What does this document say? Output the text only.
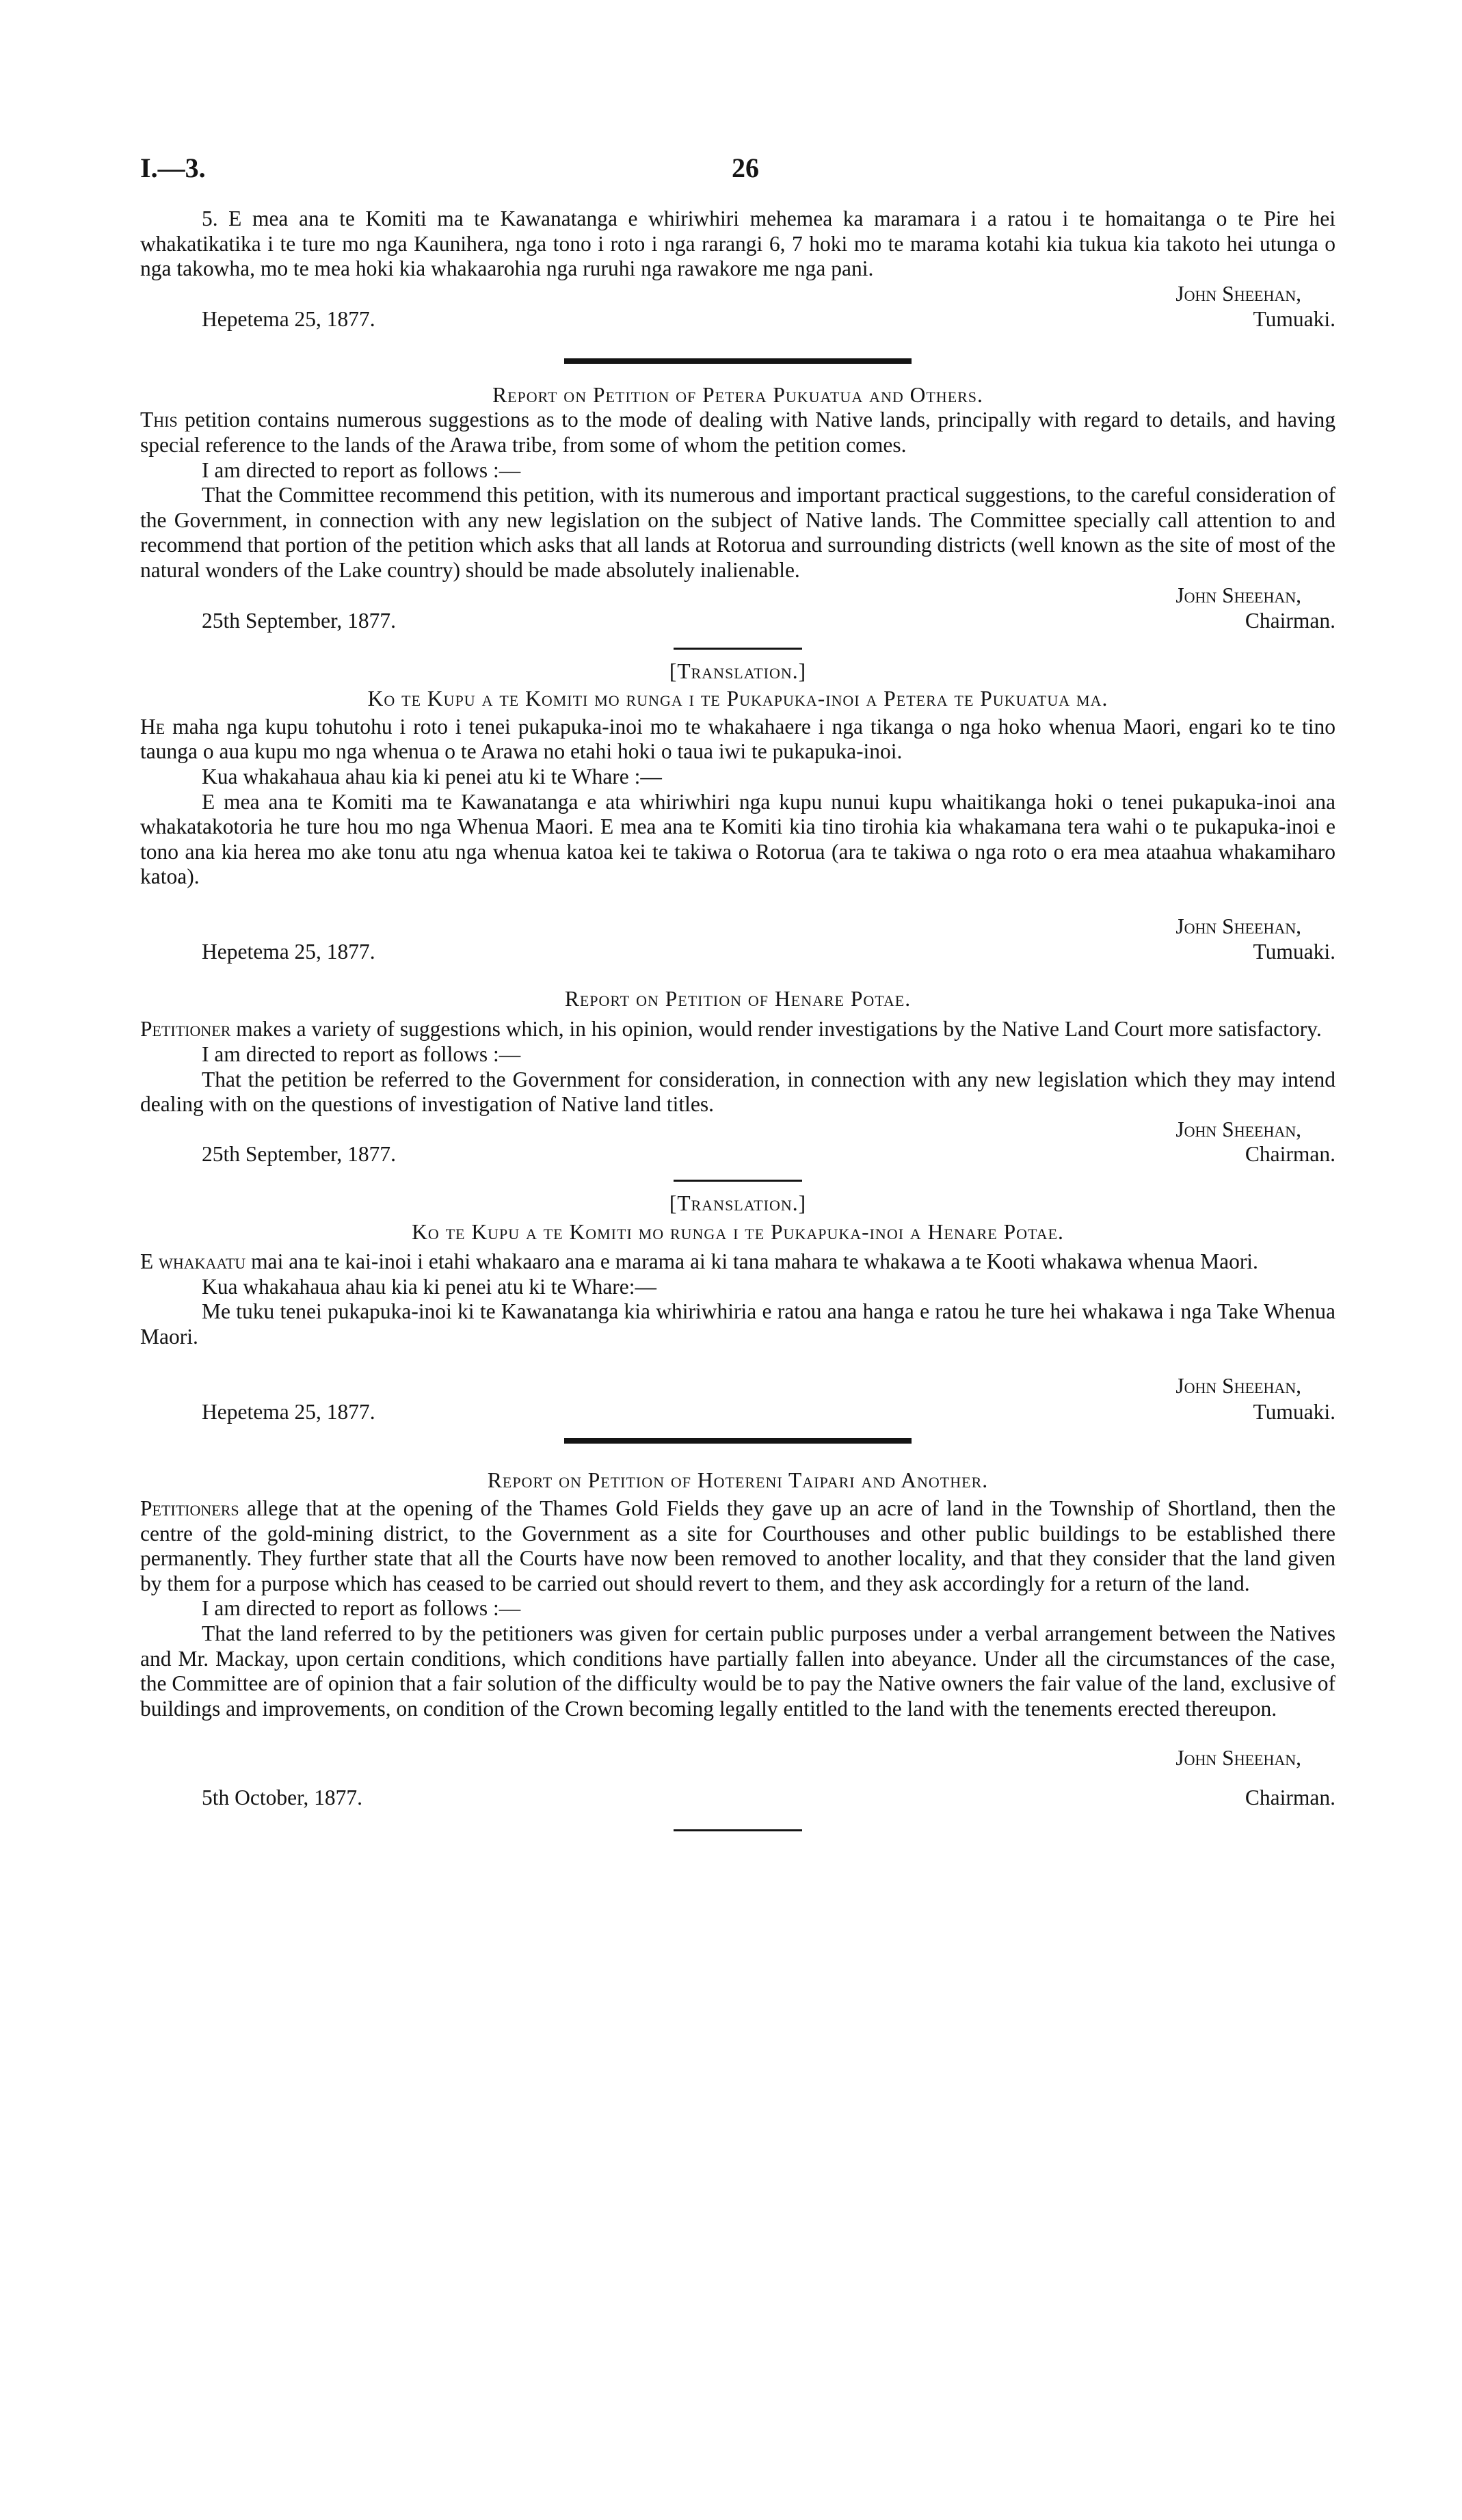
I.—3.	26

5. E mea ana te Komiti ma te Kawanatanga e whiriwhiri mehemea ka maramara i a ratou i te homaitanga o te Pire hei whakatikatika i te ture mo nga Kaunihera, nga tono i roto i nga rarangi 6, 7 hoki mo te marama kotahi kia tukua kia takoto hei utunga o nga takowha, mo te mea hoki kia whakaarohia nga ruruhi nga rawakore me nga pani.

John Sheehan,
Hepetema 25, 1877.	Tumuaki.
Report on Petition of Petera Pukuatua and Others.

This petition contains numerous suggestions as to the mode of dealing with Native lands, principally with regard to details, and having special reference to the lands of the Arawa tribe, from some of whom the petition comes.

I am directed to report as follows :—

That the Committee recommend this petition, with its numerous and important practical suggestions, to the careful consideration of the Government, in connection with any new legislation on the subject of Native lands. The Committee specially call attention to and recommend that portion of the petition which asks that all lands at Rotorua and surrounding districts (well known as the site of most of the natural wonders of the Lake country) should be made absolutely inalienable.

John Sheehan,
25th September, 1877.	Chairman.
[Translation.]
Ko te Kupu a te Komiti mo runga i te Pukapuka-inoi a Petera te Pukuatua ma.

He maha nga kupu tohutohu i roto i tenei pukapuka-inoi mo te whakahaere i nga tikanga o nga hoko whenua Maori, engari ko te tino taunga o aua kupu mo nga whenua o te Arawa no etahi hoki o taua iwi te pukapuka-inoi.

Kua whakahaua ahau kia ki penei atu ki te Whare :—

E mea ana te Komiti ma te Kawanatanga e ata whiriwhiri nga kupu nunui kupu whaitikanga hoki o tenei pukapuka-inoi ana whakatakotoria he ture hou mo nga Whenua Maori. E mea ana te Komiti kia tino tirohia kia whakamana tera wahi o te pukapuka-inoi e tono ana kia herea mo ake tonu atu nga whenua katoa kei te takiwa o Rotorua (ara te takiwa o nga roto o era mea ataahua whakamiharo katoa).

John Sheehan,
Hepetema 25, 1877.	Tumuaki.
Report on Petition of Henare Potae.

Petitioner makes a variety of suggestions which, in his opinion, would render investigations by the Native Land Court more satisfactory.

I am directed to report as follows :—

That the petition be referred to the Government for consideration, in connection with any new legislation which they may intend dealing with on the questions of investigation of Native land titles.

John Sheehan,
25th September, 1877.	Chairman.
[Translation.]
Ko te Kupu a te Komiti mo runga i te Pukapuka-inoi a Henare Potae.

E whakaatu mai ana te kai-inoi i etahi whakaaro ana e marama ai ki tana mahara te whakawa a te Kooti whakawa whenua Maori.

Kua whakahaua ahau kia ki penei atu ki te Whare:—

Me tuku tenei pukapuka-inoi ki te Kawanatanga kia whiriwhiria e ratou ana hanga e ratou he ture hei whakawa i nga Take Whenua Maori.

John Sheehan,
Hepetema 25, 1877.	Tumuaki.
Report on Petition of Hotereni Taipari and Another.

Petitioners allege that at the opening of the Thames Gold Fields they gave up an acre of land in the Township of Shortland, then the centre of the gold-mining district, to the Government as a site for Courthouses and other public buildings to be established there permanently. They further state that all the Courts have now been removed to another locality, and that they consider that the land given by them for a purpose which has ceased to be carried out should revert to them, and they ask accordingly for a return of the land.

I am directed to report as follows :—

That the land referred to by the petitioners was given for certain public purposes under a verbal arrangement between the Natives and Mr. Mackay, upon certain conditions, which conditions have partially fallen into abeyance. Under all the circumstances of the case, the Committee are of opinion that a fair solution of the difficulty would be to pay the Native owners the fair value of the land, exclusive of buildings and improvements, on condition of the Crown becoming legally entitled to the land with the tenements erected thereupon.

John Sheehan,
5th October, 1877.	Chairman.
